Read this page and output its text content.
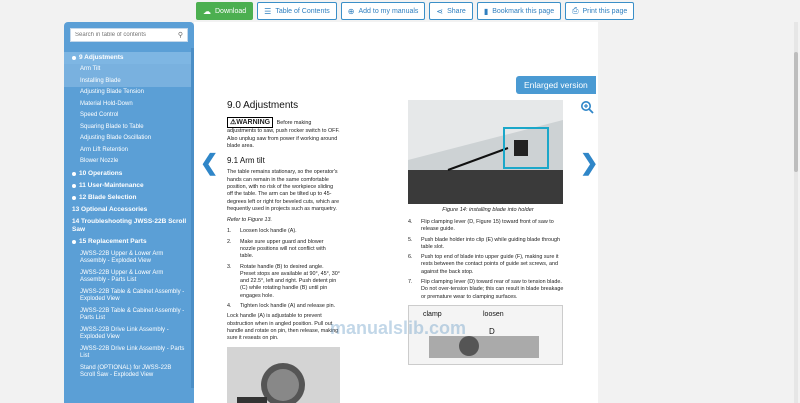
☁ Download ☰ Table of Contents ⊕ Add to my manuals ⋖ Share ▮ Bookmark this page ⎙ Print this page
Search in table of contents
⚲
9 Adjustments
Arm Tilt
Installing Blade
Adjusting Blade Tension
Material Hold-Down
Speed Control
Squaring Blade to Table
Adjusting Blade Oscillation
Arm Lift Retention
Blower Nozzle
10 Operations
11 User-Maintenance
12 Blade Selection
13 Optional Accessories
14 Troubleshooting JWSS-22B Scroll Saw
15 Replacement Parts
JWSS-22B Upper & Lower Arm Assembly - Exploded View
JWSS-22B Upper & Lower Arm Assembly - Parts List
JWSS-22B Table & Cabinet Assembly - Exploded View
JWSS-22B Table & Cabinet Assembly - Parts List
JWSS-22B Drive Link Assembly - Exploded View
JWSS-22B Drive Link Assembly - Parts List
Stand (OPTIONAL) for JWSS-22B Scroll Saw - Exploded View
9.0 Adjustments
⚠WARNING Before making adjustments to saw, push rocker switch to OFF. Also unplug saw from power if working around blade area.
9.1 Arm tilt
The table remains stationary, so the operator's hands can remain in the same comfortable position, with no risk of the workpiece sliding off the table. The arm can be tilted up to 45-degrees left or right for beveled cuts, which are frequently used in projects such as marquetry.
Refer to Figure 13.
1.	Loosen lock handle (A).
2.	Make sure upper guard and blower nozzle positions will not conflict with table.
3.	Rotate handle (B) to desired angle. Preset stops are available at 90°, 45°, 30° and 22.5°, left and right. Push detent pin (C) while rotating handle (B) until pin engages hole.
4.	Tighten lock handle (A) and release pin.
Lock handle (A) is adjustable to prevent obstruction when in angled position. Pull out handle and rotate on pin, then release, making sure it reseats on pin.
Figure 14: installing blade into holder
4.	Flip clamping lever (D, Figure 15) toward front of saw to release guide.
5.	Push blade holder into clip (E) while guiding blade through table slot.
6.	Push top end of blade into upper guide (F), making sure it rests between the contact points of guide set screws, and against the back stop.
7.	Flip clamping lever (D) toward rear of saw to tension blade. Do not over-tension blade; this can result in blade breakage or premature wear to clamping surfaces.
clamp	loosen
D
manualslib.com
❮	❯
Enlarged version
